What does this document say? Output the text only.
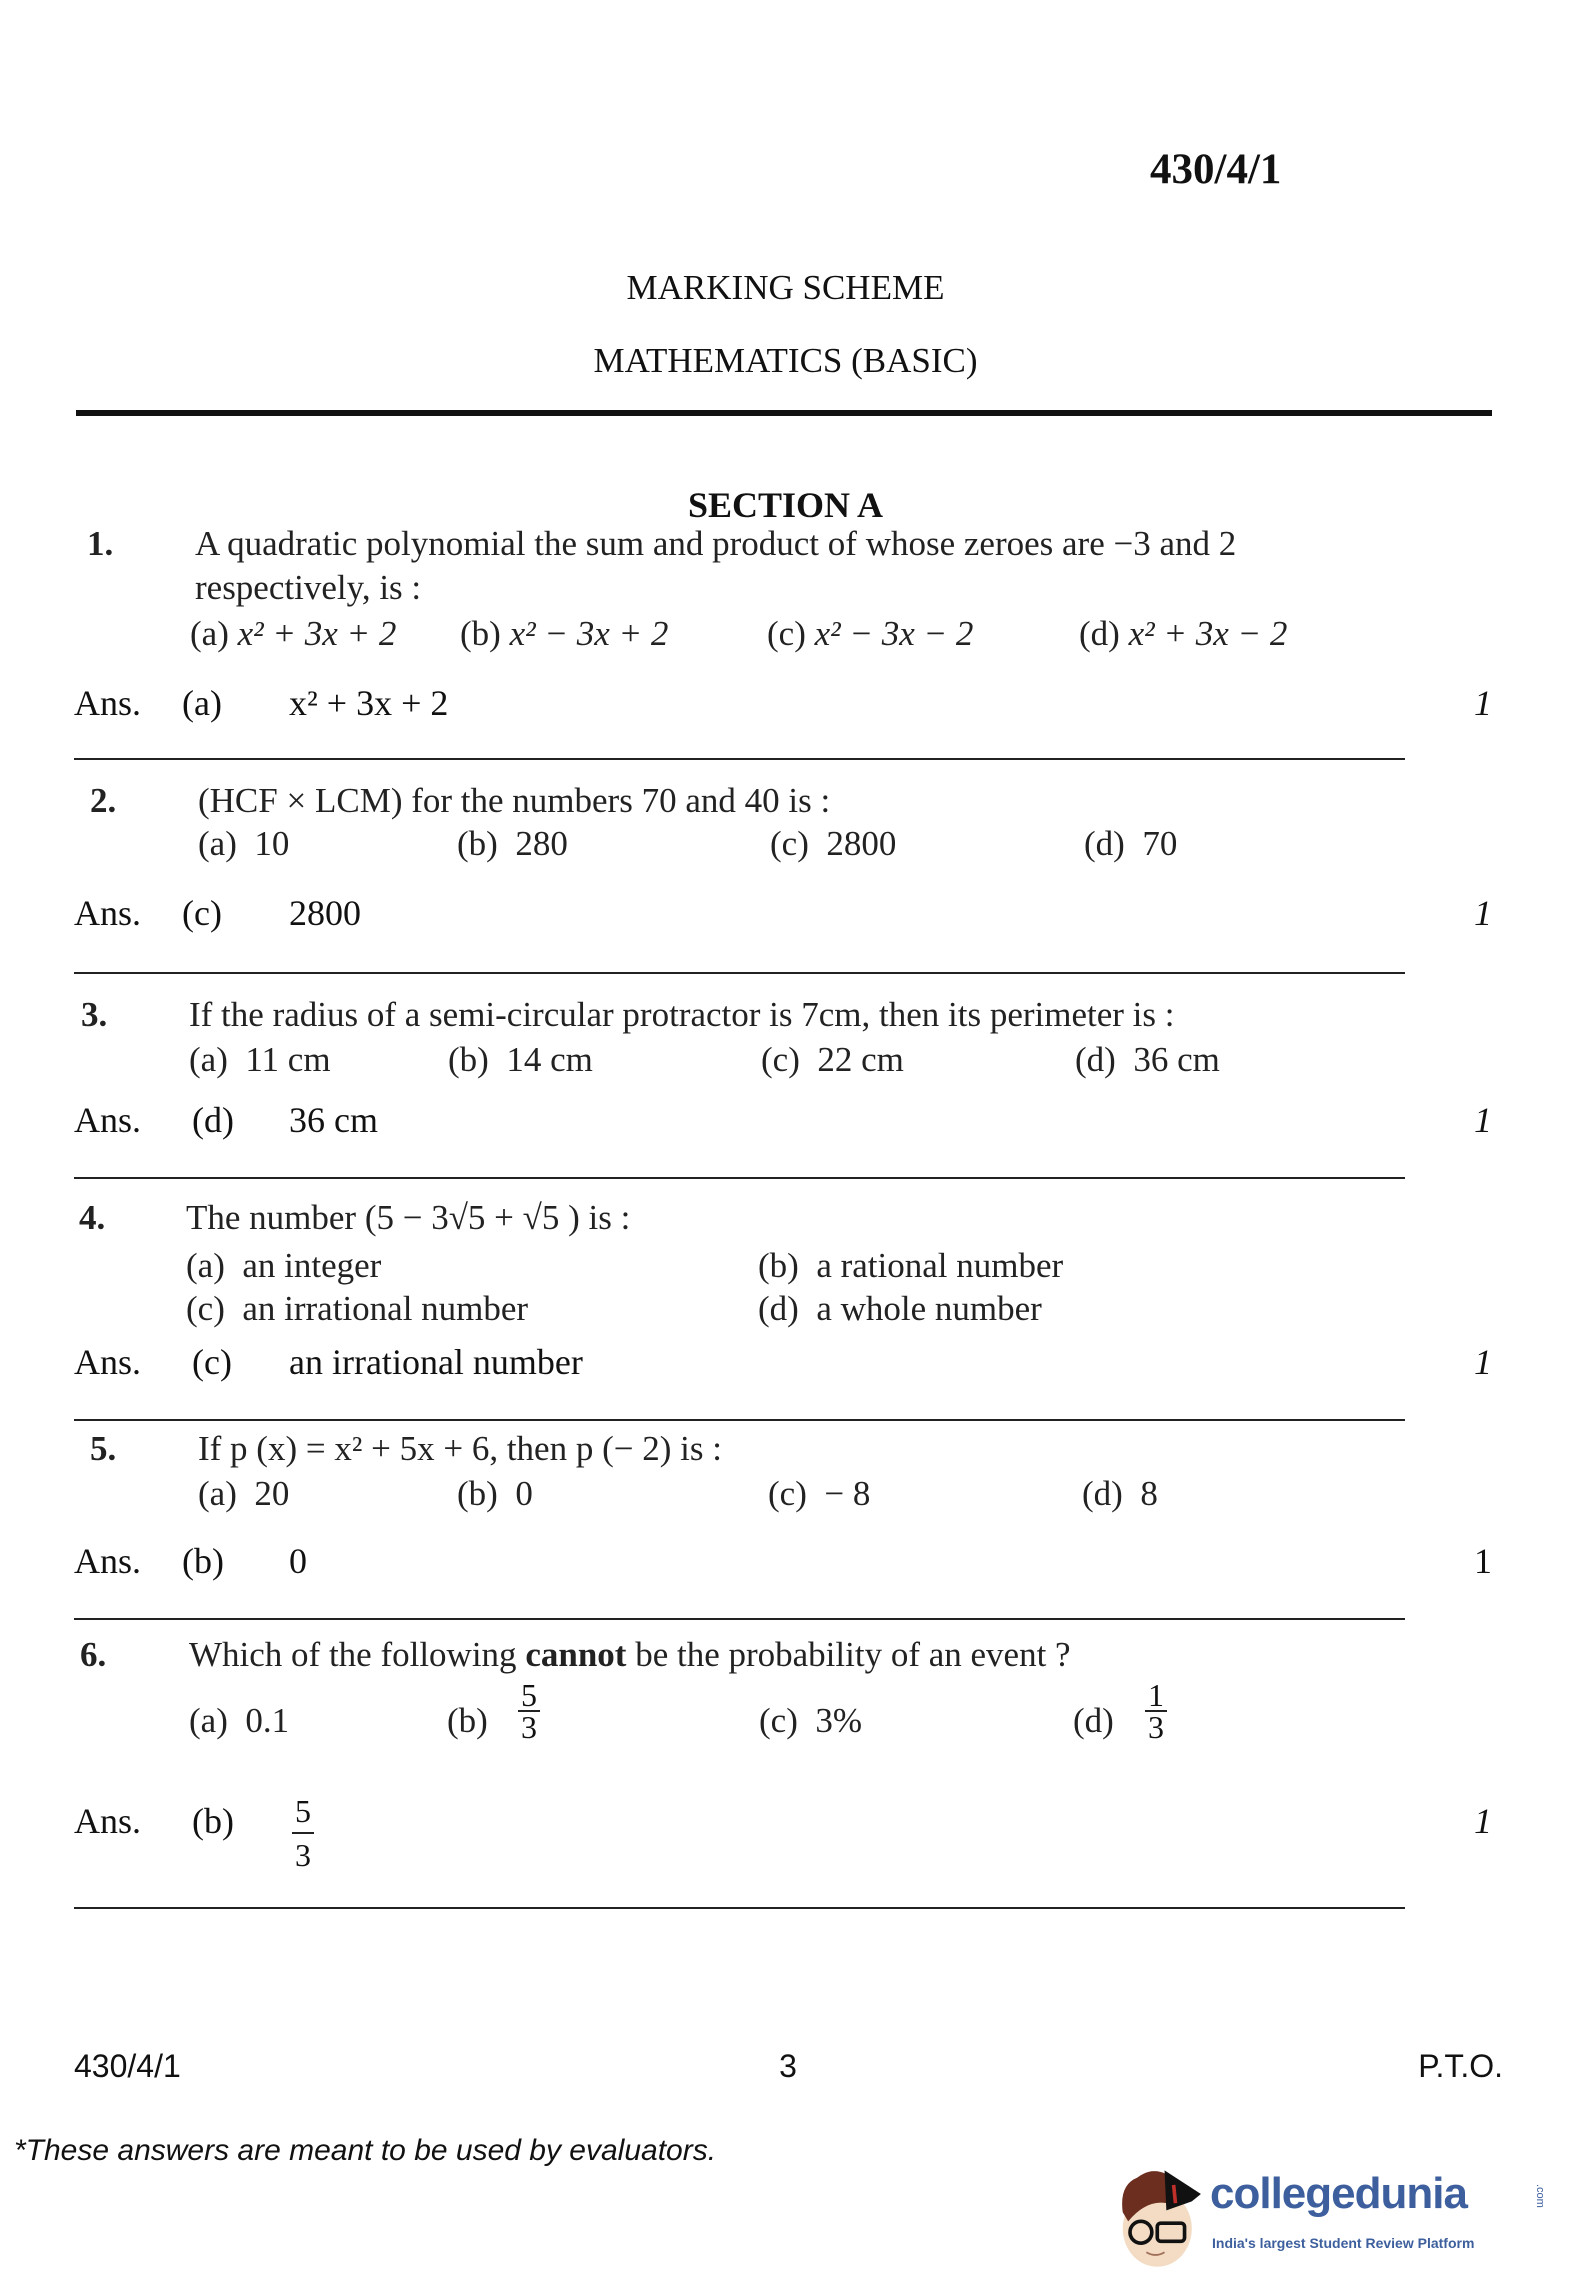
430/4/1
MARKING SCHEME
MATHEMATICS (BASIC)
SECTION A
1. A quadratic polynomial the sum and product of whose zeroes are −3 and 2
respectively, is :
(a) x² + 3x + 2 (b) x² − 3x + 2	(c) x² − 3x − 2	(d) x² + 3x − 2
Ans. (a) x² + 3x + 2	1
2. (HCF × LCM) for the numbers 70 and 40 is :
(a) 10	(b) 280	(c) 2800	(d) 70
Ans. (c) 2800	1
3. If the radius of a semi-circular protractor is 7cm, then its perimeter is :
(a) 11 cm	(b) 14 cm	(c) 22 cm	(d) 36 cm
Ans. (d) 36 cm	1
4. The number (5 − 3√5 + √5 ) is :
(a) an integer	(b) a rational number
(c) an irrational number	(d) a whole number
Ans. (c) an irrational number	1
5. If p (x) = x² + 5x + 6, then p (− 2) is :
(a) 20	(b) 0	(c) − 8	(d) 8
Ans. (b) 0	1
6. Which of the following cannot be the probability of an event ?
(a) 0.1	$(b) \frac{5}{3}$	(c) 3%	$(d) \frac{1}{3}$
Ans. $(b) \frac{5}{3}$	1
430/4/1	3	P.T.O.
*These answers are meant to be used by evaluators.
collegedunia	.com
India's largest Student Review Platform
